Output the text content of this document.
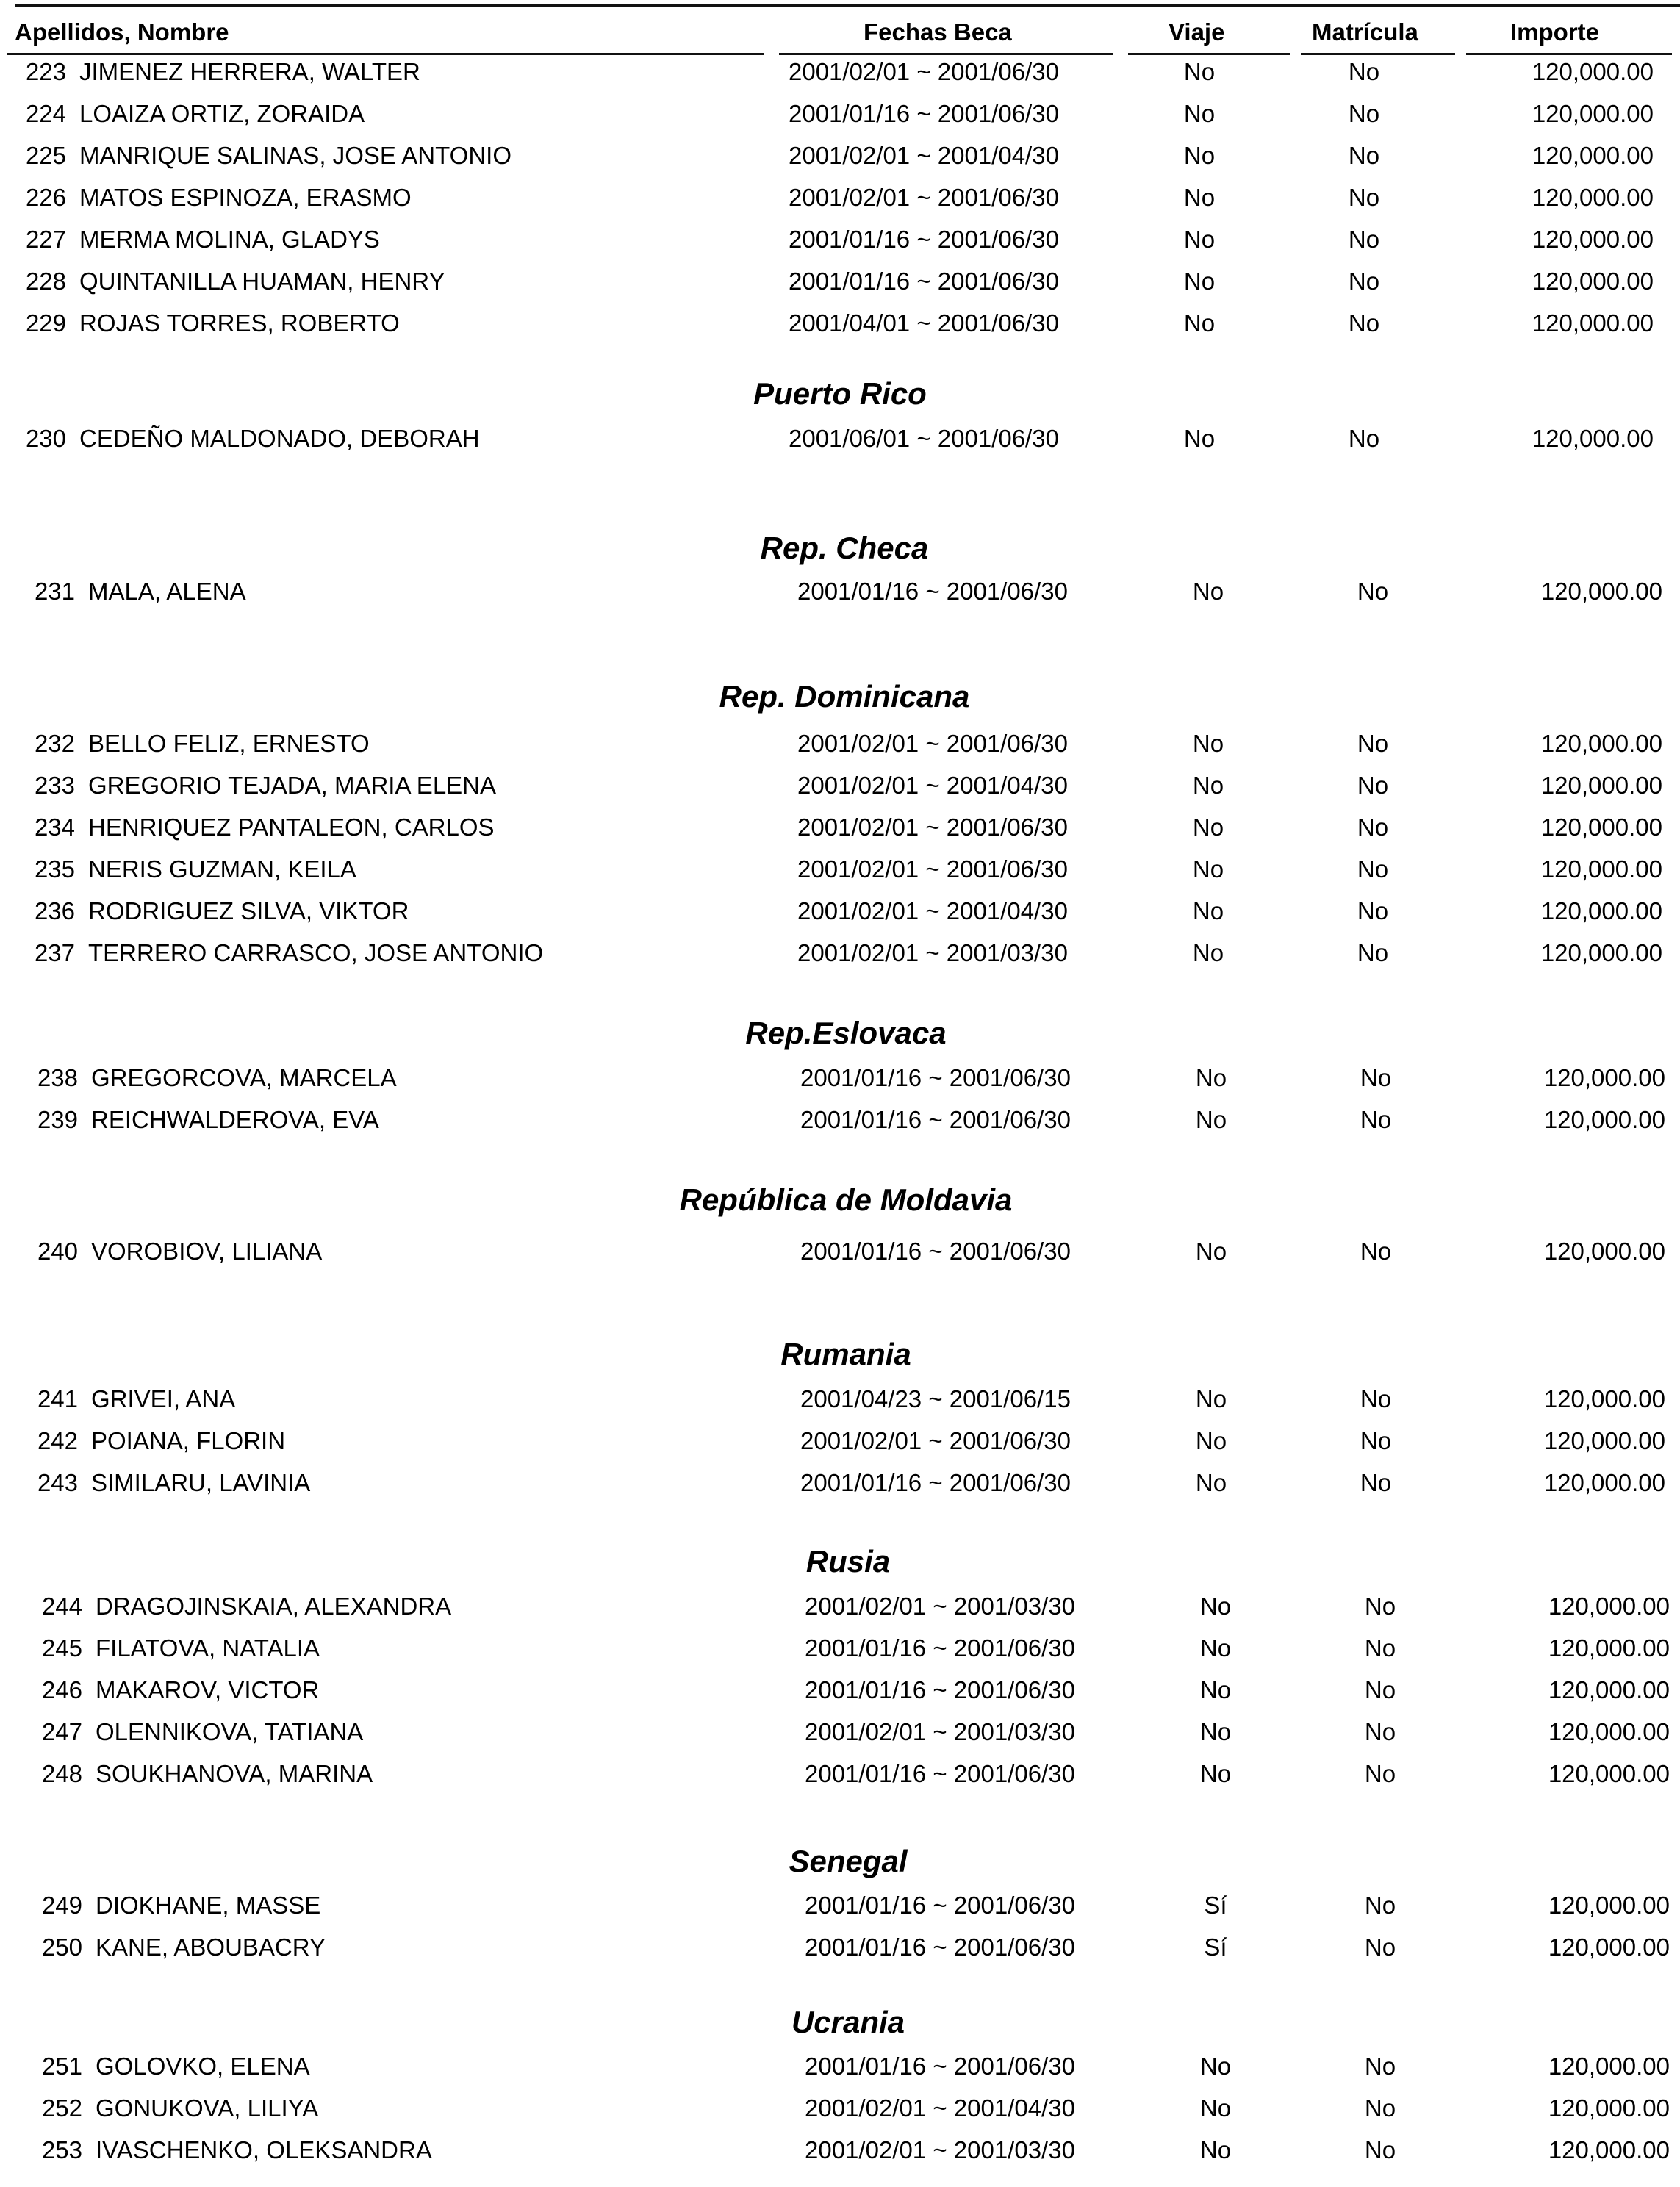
Apellidos, Nombre	Fechas Beca	Viaje	Matrícula	Importe
223 JIMENEZ HERRERA, WALTER	2001/02/01 ~ 2001/06/30	No	No	120,000.00
224 LOAIZA ORTIZ, ZORAIDA	2001/01/16 ~ 2001/06/30	No	No	120,000.00
225 MANRIQUE SALINAS, JOSE ANTONIO	2001/02/01 ~ 2001/04/30	No	No	120,000.00
226 MATOS ESPINOZA, ERASMO	2001/02/01 ~ 2001/06/30	No	No	120,000.00
227 MERMA MOLINA, GLADYS	2001/01/16 ~ 2001/06/30	No	No	120,000.00
228 QUINTANILLA HUAMAN, HENRY	2001/01/16 ~ 2001/06/30	No	No	120,000.00
229 ROJAS TORRES, ROBERTO	2001/04/01 ~ 2001/06/30	No	No	120,000.00
Puerto Rico
230 CEDEÑO MALDONADO, DEBORAH	2001/06/01 ~ 2001/06/30	No	No	120,000.00
Rep. Checa
231 MALA, ALENA	2001/01/16 ~ 2001/06/30	No	No	120,000.00
Rep. Dominicana
232 BELLO FELIZ, ERNESTO	2001/02/01 ~ 2001/06/30	No	No	120,000.00
233 GREGORIO TEJADA, MARIA ELENA	2001/02/01 ~ 2001/04/30	No	No	120,000.00
234 HENRIQUEZ PANTALEON, CARLOS	2001/02/01 ~ 2001/06/30	No	No	120,000.00
235 NERIS GUZMAN, KEILA	2001/02/01 ~ 2001/06/30	No	No	120,000.00
236 RODRIGUEZ SILVA, VIKTOR	2001/02/01 ~ 2001/04/30	No	No	120,000.00
237 TERRERO CARRASCO, JOSE ANTONIO	2001/02/01 ~ 2001/03/30	No	No	120,000.00
Rep.Eslovaca
238 GREGORCOVA, MARCELA	2001/01/16 ~ 2001/06/30	No	No	120,000.00
239 REICHWALDEROVA, EVA	2001/01/16 ~ 2001/06/30	No	No	120,000.00
República de Moldavia
240 VOROBIOV, LILIANA	2001/01/16 ~ 2001/06/30	No	No	120,000.00
Rumania
241 GRIVEI, ANA	2001/04/23 ~ 2001/06/15	No	No	120,000.00
242 POIANA, FLORIN	2001/02/01 ~ 2001/06/30	No	No	120,000.00
243 SIMILARU, LAVINIA	2001/01/16 ~ 2001/06/30	No	No	120,000.00
Rusia
244 DRAGOJINSKAIA, ALEXANDRA	2001/02/01 ~ 2001/03/30	No	No	120,000.00
245 FILATOVA, NATALIA	2001/01/16 ~ 2001/06/30	No	No	120,000.00
246 MAKAROV, VICTOR	2001/01/16 ~ 2001/06/30	No	No	120,000.00
247 OLENNIKOVA, TATIANA	2001/02/01 ~ 2001/03/30	No	No	120,000.00
248 SOUKHANOVA, MARINA	2001/01/16 ~ 2001/06/30	No	No	120,000.00
Senegal
249 DIOKHANE, MASSE	2001/01/16 ~ 2001/06/30	Sí	No	120,000.00
250 KANE, ABOUBACRY	2001/01/16 ~ 2001/06/30	Sí	No	120,000.00
Ucrania
251 GOLOVKO, ELENA	2001/01/16 ~ 2001/06/30	No	No	120,000.00
252 GONUKOVA, LILIYA	2001/02/01 ~ 2001/04/30	No	No	120,000.00
253 IVASCHENKO, OLEKSANDRA	2001/02/01 ~ 2001/03/30	No	No	120,000.00
